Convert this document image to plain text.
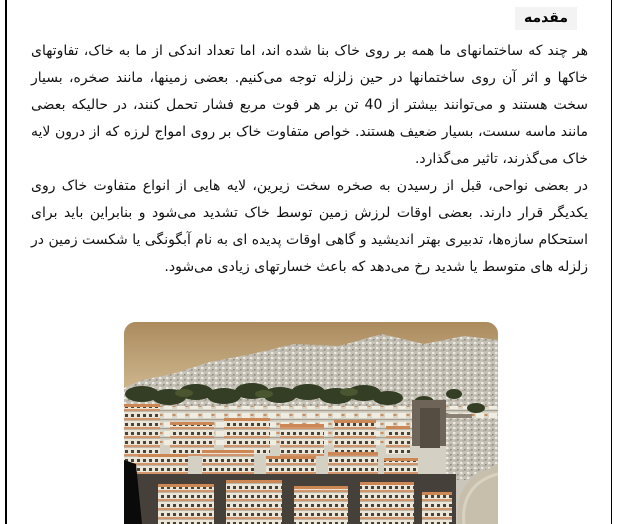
مقدمه

هر چند که ساختمانهای ما همه بر روی خاک بنا شده اند، اما تعداد اندکی از ما به خاک، تفاوتهای خاکها و اثر آن روی ساختمانها در حین زلزله توجه می‌کنیم. بعضی زمینها، مانند صخره، بسیار سخت هستند و می‌توانند بیشتر از 40 تن بر هر فوت مربع فشار تحمل کنند، در حالیکه بعضی مانند ماسه سست، بسیار ضعیف هستند. خواص متفاوت خاک بر روی امواج لرزه که از درون لایه خاک می‌گذرند، تاثیر می‌گذارد.

در بعضی نواحی، قبل از رسیدن به صخره سخت زیرین، لایه هایی از انواع متفاوت خاک روی یکدیگر قرار دارند. بعضی اوقات لرزش زمین توسط خاک تشدید می‌شود و بنابراین باید برای استحکام سازه‌ها، تدبیری بهتر اندیشید و گاهی اوقات پدیده ای به نام آبگونگی یا شکست زمین در زلزله های متوسط یا شدید رخ می‌دهد که باعث خسارتهای زیادی می‌شود.
